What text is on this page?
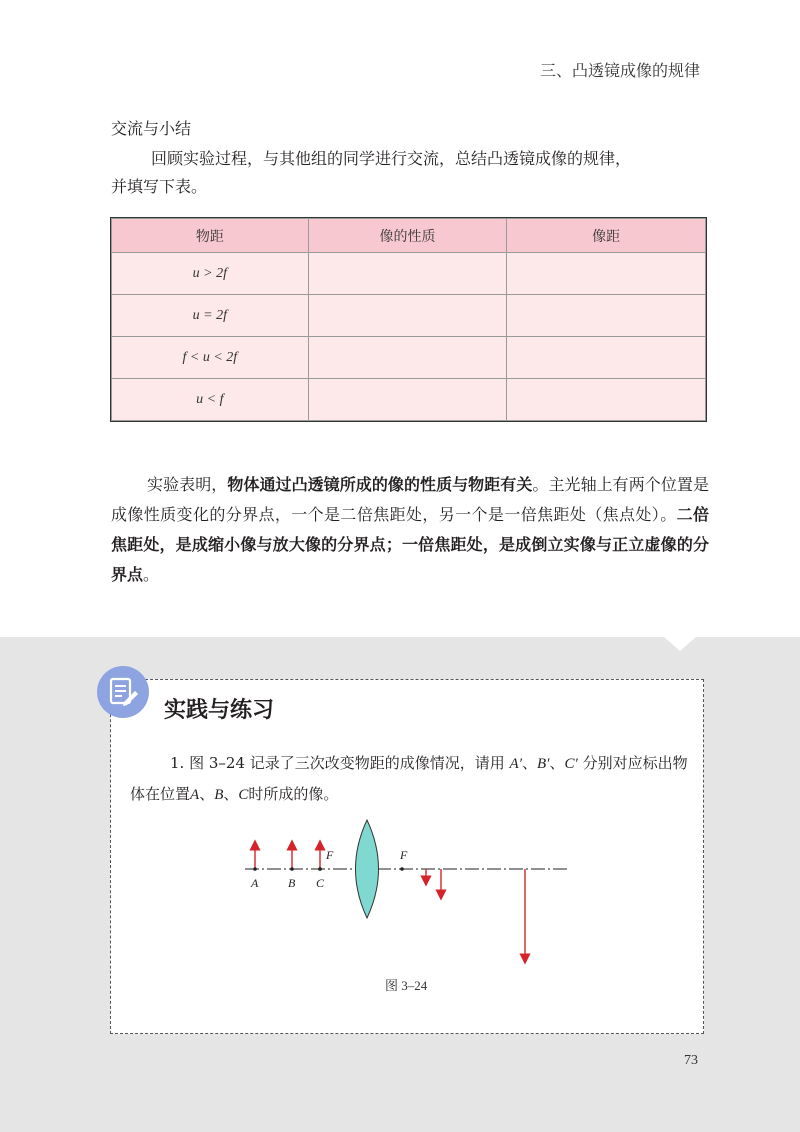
三、凸透镜成像的规律
交流与小结
回顾实验过程，与其他组的同学进行交流，总结凸透镜成像的规律，
并填写下表。
物距	像的性质	像距
u > 2f		
u = 2f		
f < u < 2f		
u < f		
实验表明，物体通过凸透镜所成的像的性质与物距有关。主光轴上有两个位置是成像性质变化的分界点，一个是二倍焦距处，另一个是一倍焦距处（焦点处）。二倍焦距处，是成缩小像与放大像的分界点；一倍焦距处，是成倒立实像与正立虚像的分界点。
实践与练习
1. 图 3–24 记录了三次改变物距的成像情况，请用 A′、B′、C′ 分别对应标出物体在位置A、B、C时所成的像。
A B C
F	F
图 3–24
73
